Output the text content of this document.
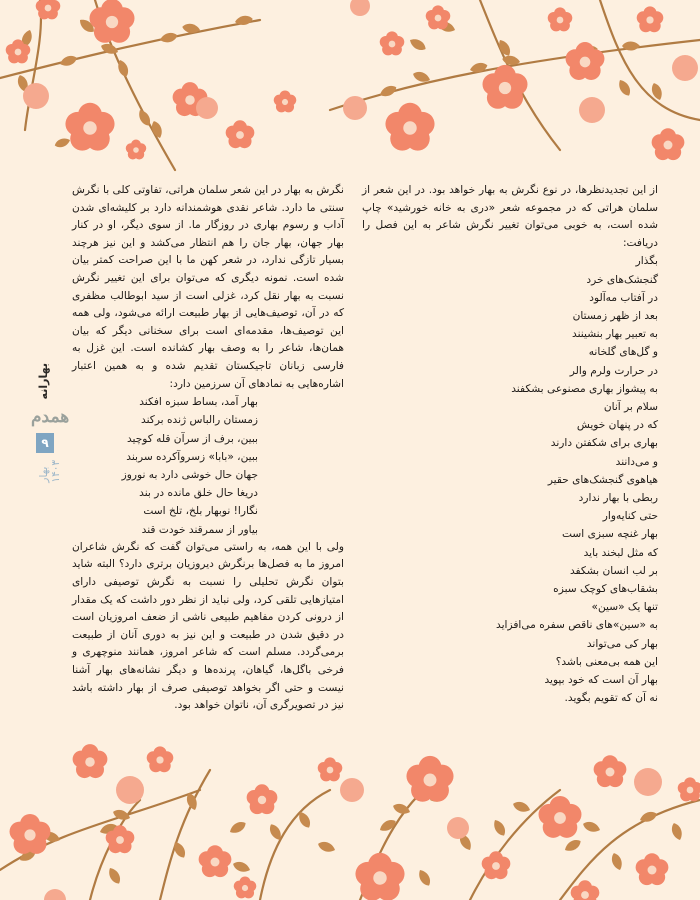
بهارانه
همدم
۹
بهار ۱۴۰۳

از این تجدیدنظرها، در نوع نگرش به بهار خواهد بود. در این شعر از سلمان هراتی که در مجموعه شعر «دری به خانه خورشید» چاپ شده است، به خوبی می‌توان تغییر نگرش شاعر به این فصل را دریافت:

بگذار
گنجشک‌های خرد
در آفتاب مه‌آلود
بعد از ظهر زمستان
به تعبیر بهار بنشینند
و گل‌های گلخانه
در حرارت ولرم والر
به پیشواز بهاری مصنوعی بشکفند
سلام بر آنان
که در پنهان خویش
بهاری برای شکفتن دارند
و می‌دانند
هیاهوی گنجشک‌های حقیر
ربطی با بهار ندارد
حتی کنایه‌وار
بهار غنچه سبزی است
که مثل لبخند باید
بر لب انسان بشکفد
بشقاب‌های کوچک سبزه
تنها یک «سین»
به «سین»های ناقص سفره می‌افزاید
بهار کی می‌تواند
این همه بی‌معنی باشد؟
بهار آن است که خود بپوید
نه آن که تقویم بگوید.

نگرش به بهار در این شعر سلمان هراتی، تفاوتی کلی با نگرش سنتی ما دارد. شاعر نقدی هوشمندانه دارد بر کلیشه‌ای شدن آداب و رسوم بهاری در روزگار ما. از سوی دیگر، او در کنار بهار جهان، بهار جان را هم انتظار می‌کشد و این نیز هرچند بسیار تازگی ندارد، در شعر کهن ما با این صراحت کمتر بیان شده است. نمونه دیگری که می‌توان برای این تغییر نگرش نسبت به بهار نقل کرد، غزلی است از سید ابوطالب مظفری که در آن، توصیف‌هایی از بهار طبیعت ارائه می‌شود، ولی همه این توصیف‌ها، مقدمه‌ای است برای سخنانی دیگر که بیان همان‌ها، شاعر را به وصف بهار کشانده است. این غزل به فارسی زبانان تاجیکستان تقدیم شده و به همین اعتبار اشاره‌هایی به نمادهای آن سرزمین دارد:

بهار آمد، بساط سبزه افکند
زمستان رالباس ژنده برکند
ببین، برف از سرآن قله کوچید
ببین، «بابا» زسروآکرده سربند
جهان حال خوشی دارد به نوروز
دریغا حال خلق مانده در بند
نگارا! نوبهار بلخ، تلخ است
بیاور از سمرقند خودت قند

ولی با این همه، به راستی می‌توان گفت که نگرش شاعران امروز ما به فصل‌ها برنگرش دیروزیان برتری دارد؟ البته شاید بتوان نگرش تحلیلی را نسبت به نگرش توصیفی دارای امتیازهایی تلقی کرد، ولی نباید از نظر دور داشت که یک مقدار از درونی کردن مفاهیم طبیعی ناشی از ضعف امروزیان است در دقیق شدن در طبیعت و این نیز به دوری آنان از طبیعت برمی‌گردد. مسلم است که شاعر امروز، همانند منوچهری و فرخی باگل‌ها، گیاهان، پرنده‌ها و دیگر نشانه‌های بهار آشنا نیست و حتی اگر بخواهد توصیفی صرف از بهار داشته باشد نیز در تصویرگری آن، ناتوان خواهد بود.
